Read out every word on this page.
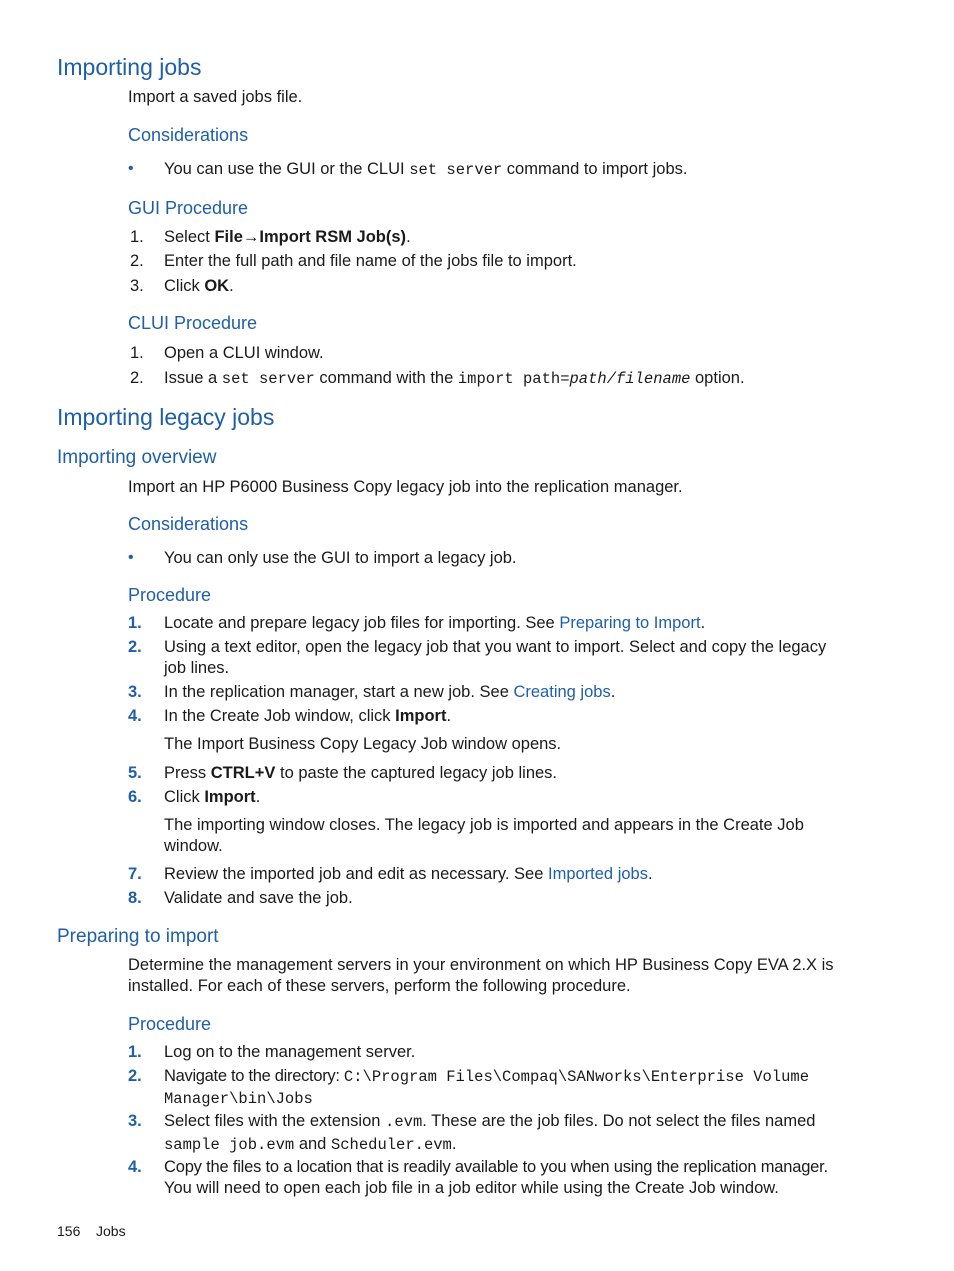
Importing jobs
Import a saved jobs file.
Considerations
• You can use the GUI or the CLUI set server command to import jobs.
GUI Procedure
1. Select File→Import RSM Job(s).
2. Enter the full path and file name of the jobs file to import.
3. Click OK.
CLUI Procedure
1. Open a CLUI window.
2. Issue a set server command with the import path=path/filename option.
Importing legacy jobs
Importing overview
Import an HP P6000 Business Copy legacy job into the replication manager.
Considerations
• You can only use the GUI to import a legacy job.
Procedure
1. Locate and prepare legacy job files for importing. See Preparing to Import.
2. Using a text editor, open the legacy job that you want to import. Select and copy the legacy
job lines.
3. In the replication manager, start a new job. See Creating jobs.
4. In the Create Job window, click Import.
The Import Business Copy Legacy Job window opens.
5. Press CTRL+V to paste the captured legacy job lines.
6. Click Import.
The importing window closes. The legacy job is imported and appears in the Create Job
window.
7. Review the imported job and edit as necessary. See Imported jobs.
8. Validate and save the job.
Preparing to import
Determine the management servers in your environment on which HP Business Copy EVA 2.X is
installed. For each of these servers, perform the following procedure.
Procedure
1. Log on to the management server.
2. Navigate to the directory: C:\Program Files\Compaq\SANworks\Enterprise Volume
Manager\bin\Jobs
3. Select files with the extension .evm. These are the job files. Do not select the files named
sample job.evm and Scheduler.evm.
4. Copy the files to a location that is readily available to you when using the replication manager.
You will need to open each job file in a job editor while using the Create Job window.
156 Jobs
